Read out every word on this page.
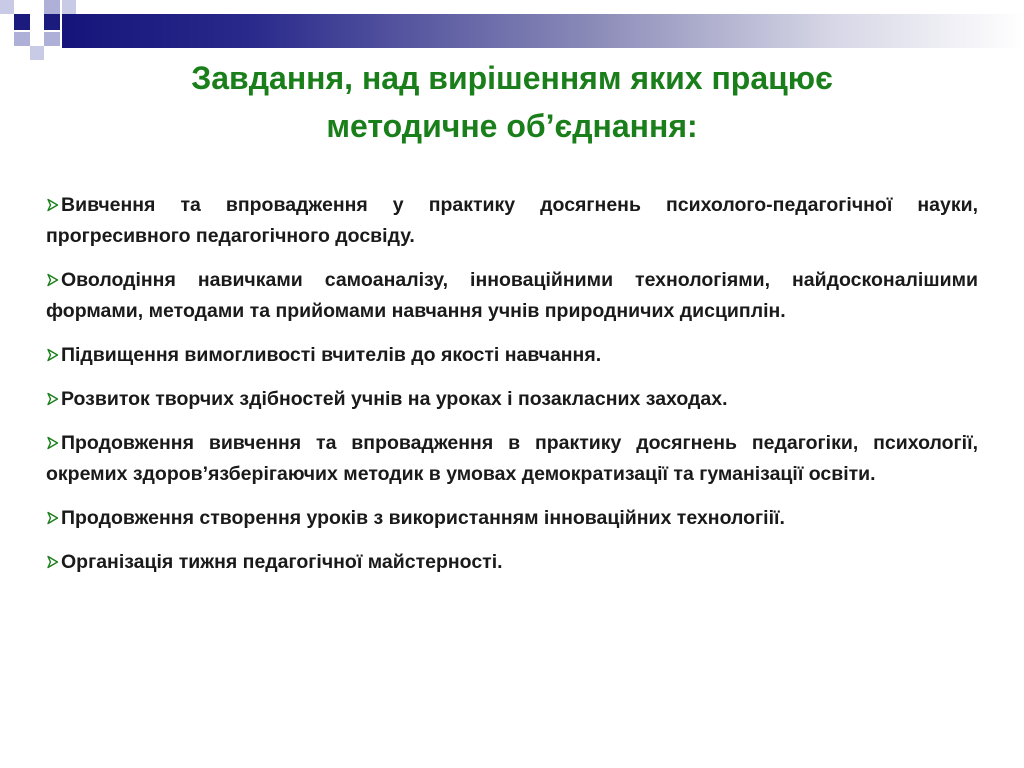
Завдання, над вирішенням яких працює
методичне об’єднання:
Вивчення та впровадження у практику досягнень психолого-педагогічної науки, прогресивного педагогічного досвіду.
Оволодіння навичками самоаналізу, інноваційними технологіями, найдосконалішими формами, методами та прийомами навчання учнів природничих дисциплін.
Підвищення вимогливості вчителів до якості навчання.
Розвиток творчих здібностей учнів на уроках і позакласних заходах.
Продовження вивчення та впровадження в практику досягнень педагогіки, психології, окремих здоров’язберігаючих методик в умовах демократизації та гуманізації освіти.
Продовження створення уроків з використанням інноваційних технологіії.
Організація тижня педагогічної майстерності.
